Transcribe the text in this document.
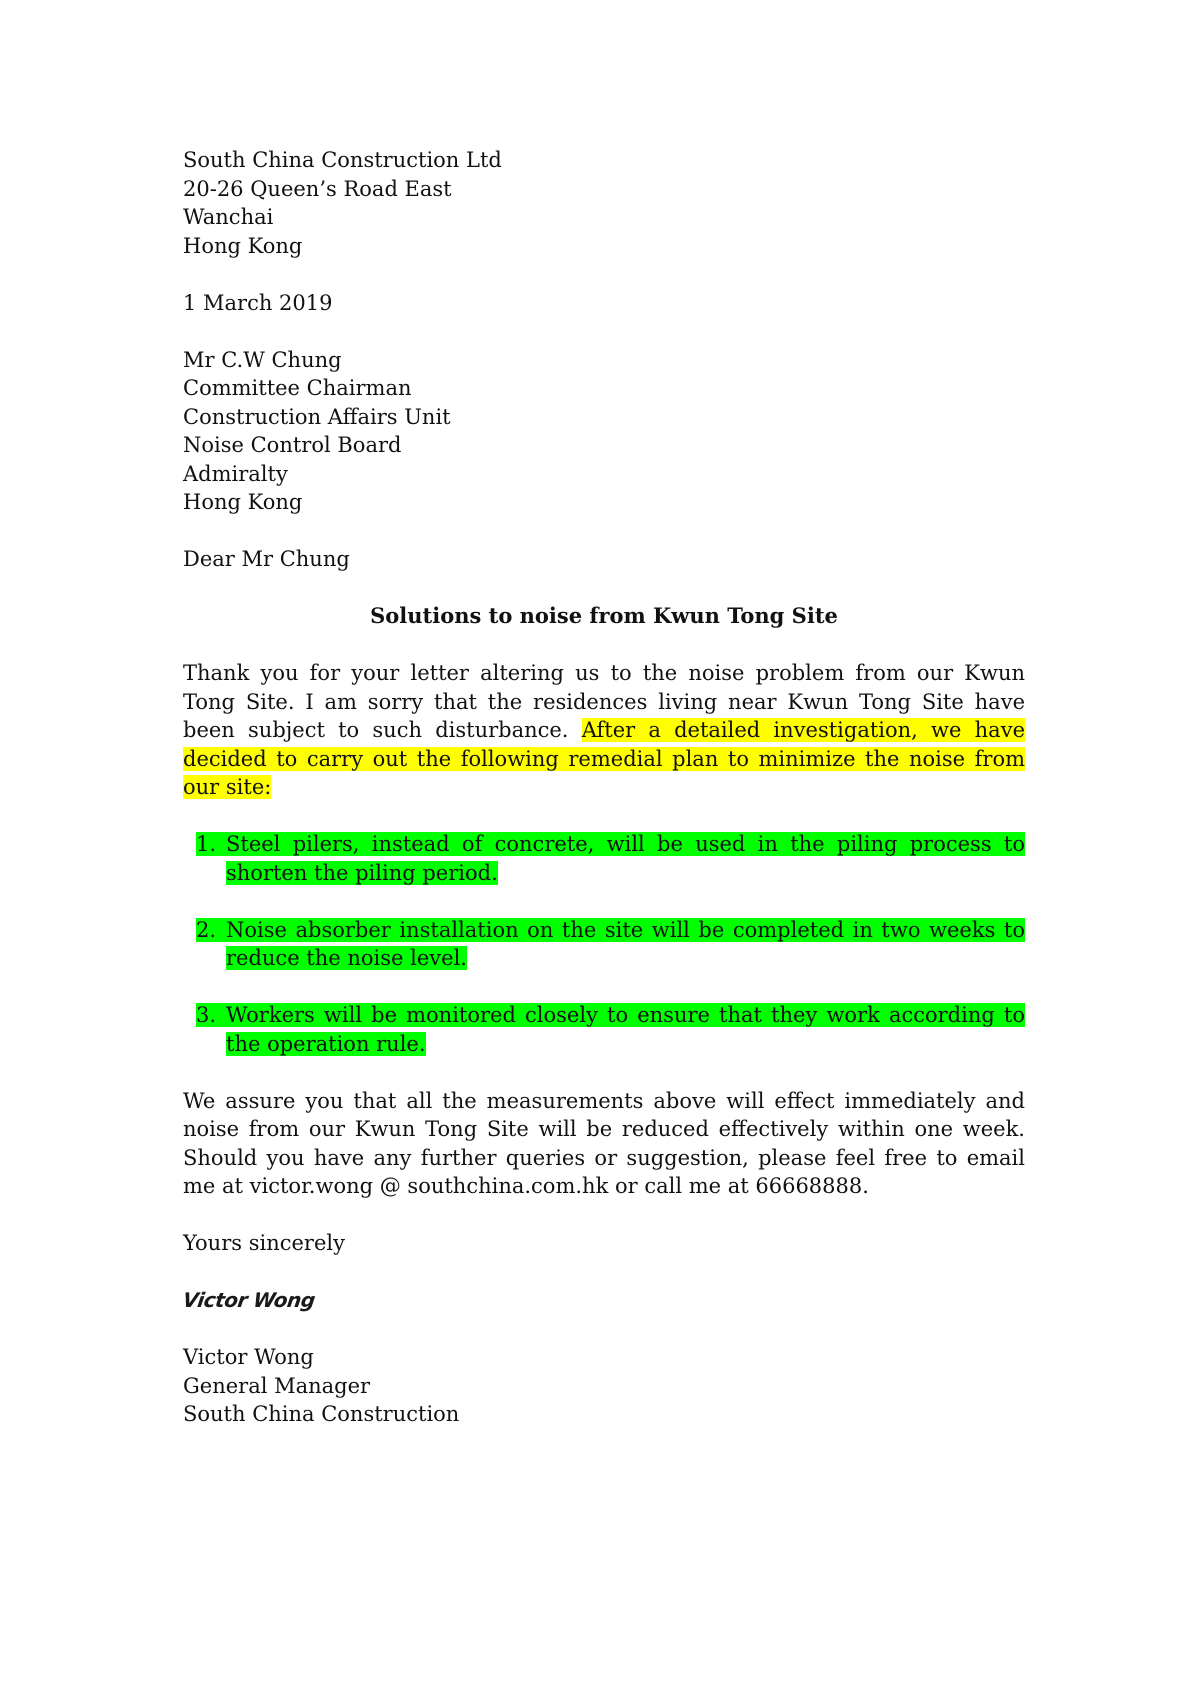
South China Construction Ltd
20-26 Queen’s Road East
Wanchai
Hong Kong
1 March 2019
Mr C.W Chung
Committee Chairman
Construction Affairs Unit
Noise Control Board
Admiralty
Hong Kong
Dear Mr Chung

Solutions to noise from Kwun Tong Site

Thank you for your letter altering us to the noise problem from our Kwun Tong Site. I am sorry that the residences living near Kwun Tong Site have been subject to such disturbance. After a detailed investigation, we have decided to carry out the following remedial plan to minimize the noise from our site:

1. Steel pilers, instead of concrete, will be used in the piling process to shorten the piling period.
2. Noise absorber installation on the site will be completed in two weeks to reduce the noise level.
3. Workers will be monitored closely to ensure that they work according to the operation rule.

We assure you that all the measurements above will effect immediately and noise from our Kwun Tong Site will be reduced effectively within one week. Should you have any further queries or suggestion, please feel free to email me at victor.wong @ southchina.com.hk or call me at 66668888.

Yours sincerely
Victor Wong
Victor Wong
General Manager
South China Construction
